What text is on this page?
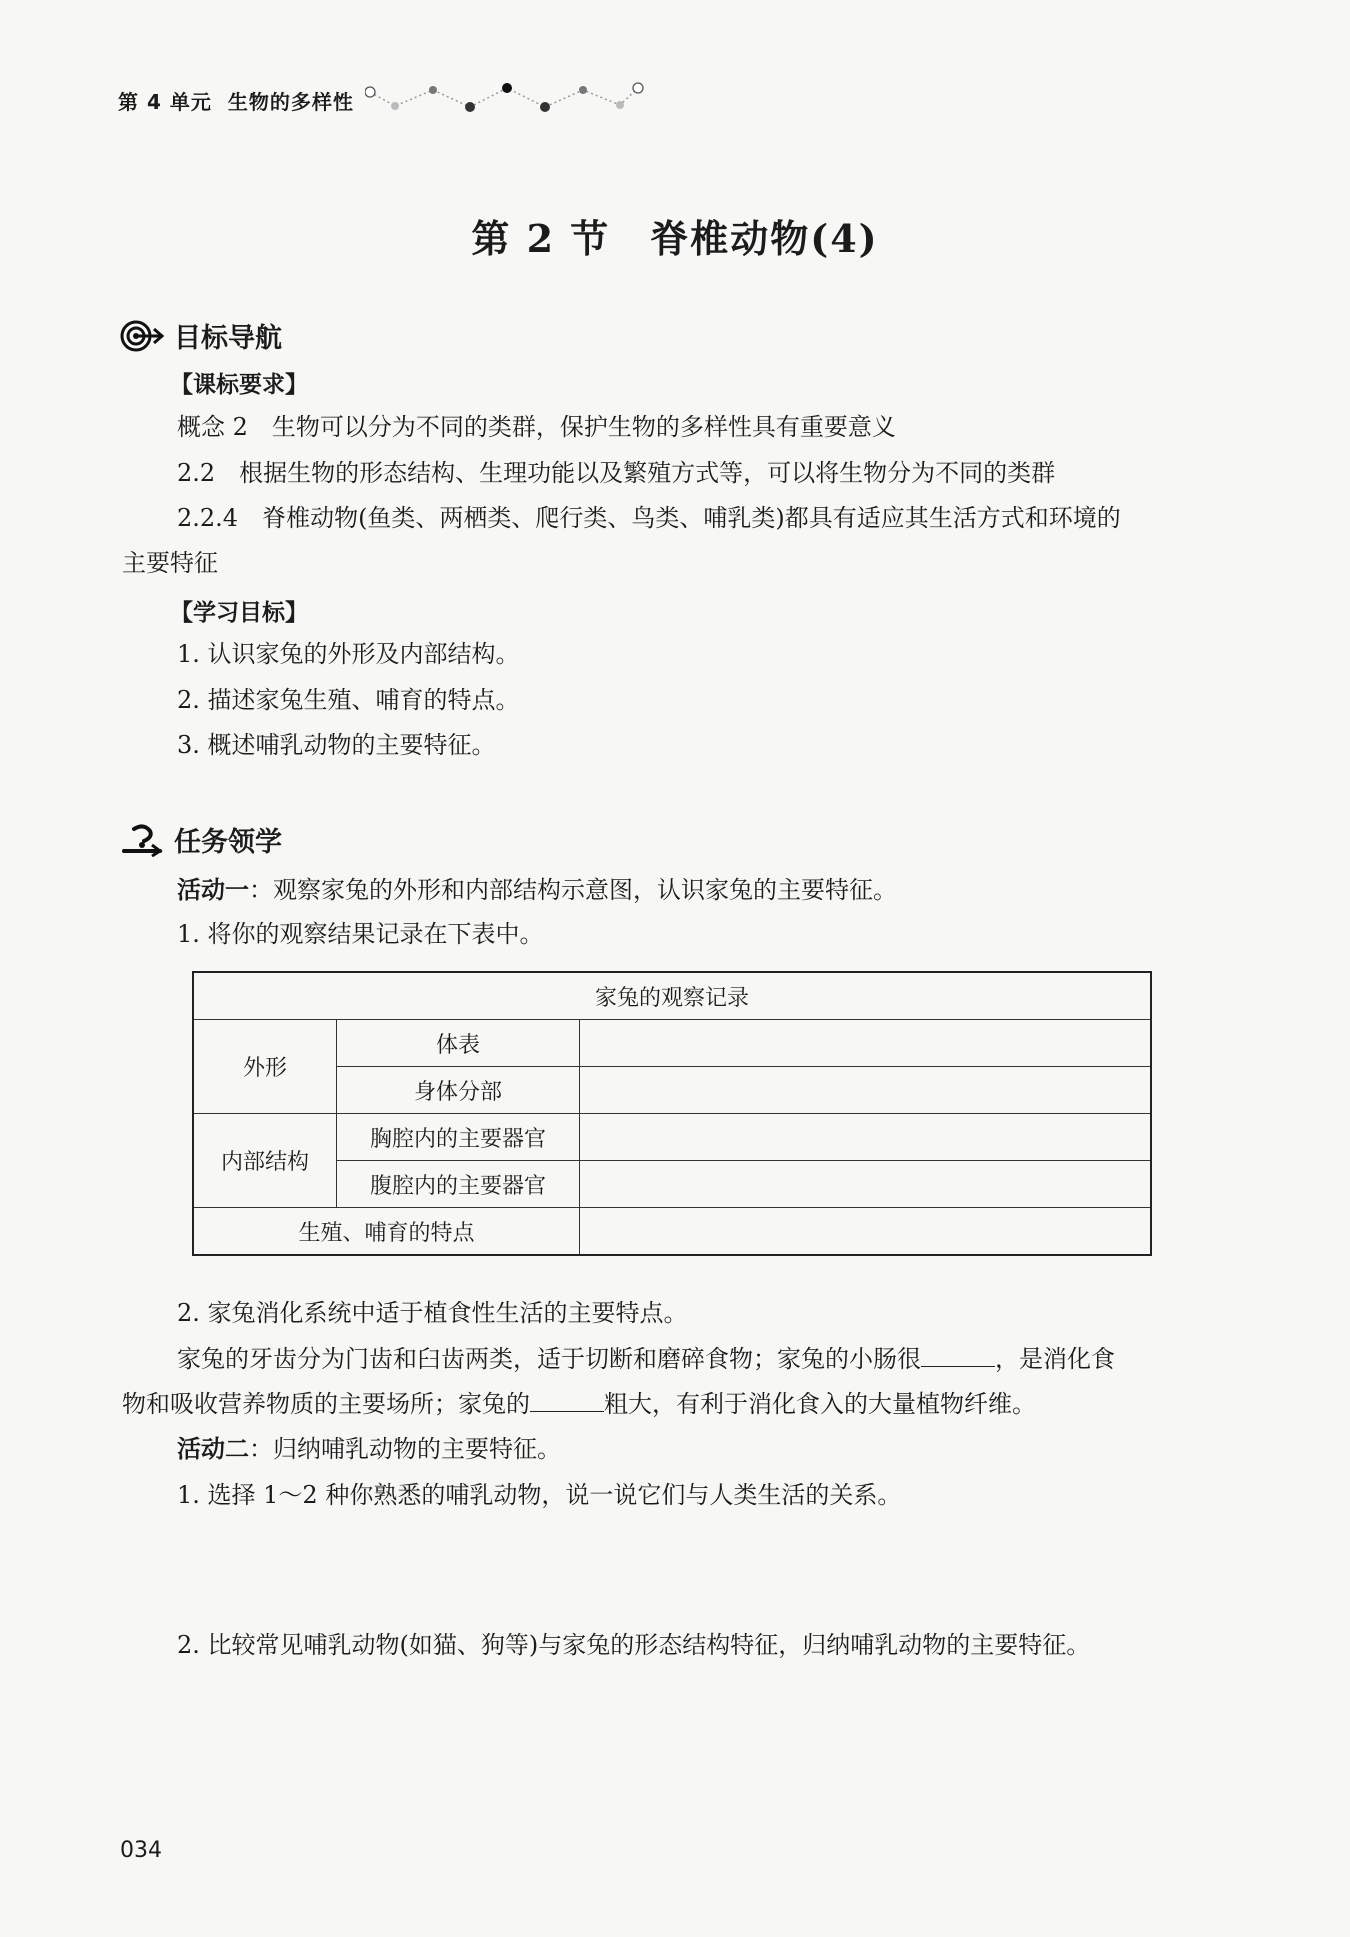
第 4 单元 生物的多样性
第 2 节　脊椎动物(4)
目标导航
【课标要求】
概念 2　生物可以分为不同的类群，保护生物的多样性具有重要意义
2.2　根据生物的形态结构、生理功能以及繁殖方式等，可以将生物分为不同的类群
2.2.4　脊椎动物(鱼类、两栖类、爬行类、鸟类、哺乳类)都具有适应其生活方式和环境的
主要特征
【学习目标】
1. 认识家兔的外形及内部结构。
2. 描述家兔生殖、哺育的特点。
3. 概述哺乳动物的主要特征。
任务领学
活动一：观察家兔的外形和内部结构示意图，认识家兔的主要特征。
1. 将你的观察结果记录在下表中。
家兔的观察记录		
外形	体表	
	身体分部	
内部结构	胸腔内的主要器官	
	腹腔内的主要器官	
生殖、哺育的特点		
2. 家兔消化系统中适于植食性生活的主要特点。
家兔的牙齿分为门齿和臼齿两类，适于切断和磨碎食物；家兔的小肠很	，是消化食
物和吸收营养物质的主要场所；家兔的	粗大，有利于消化食入的大量植物纤维。
活动二：归纳哺乳动物的主要特征。
1. 选择 1～2 种你熟悉的哺乳动物，说一说它们与人类生活的关系。
2. 比较常见哺乳动物(如猫、狗等)与家兔的形态结构特征，归纳哺乳动物的主要特征。
034
